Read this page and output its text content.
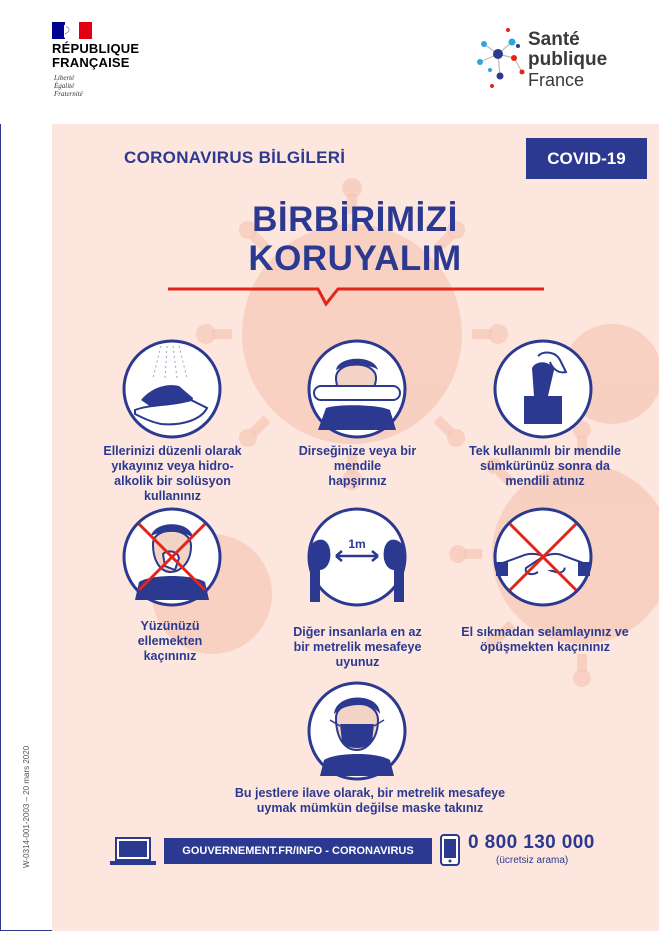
RÉPUBLIQUE
FRANÇAISE
Liberté
Égalité
Fraternité
Santé
publique
France
CORONAVIRUS BİLGİLERİ	COVID-19
BİRBİRİMİZİ
KORUYALIM
Ellerinizi düzenli olarak
yıkayınız veya hidro-
alkolik bir solüsyon
kullanınız
Dirseğinize veya bir
mendile
hapşırınız
Tek kullanımlı bir mendile
sümkürünüz sonra da
mendili atınız
1m
Yüzünüzü
ellemekten
kaçınınız
Diğer insanlarla en az
bir metrelik mesafeye
uyunuz
El sıkmadan selamlayınız ve
öpüşmekten kaçınınız
Bu jestlere ilave olarak, bir metrelik mesafeye
uymak mümkün değilse maske takınız
GOUVERNEMENT.FR/INFO - CORONAVIRUS	0 800 130 000
(ücretsiz arama)
W-0314-001-2003 – 20 mars 2020
